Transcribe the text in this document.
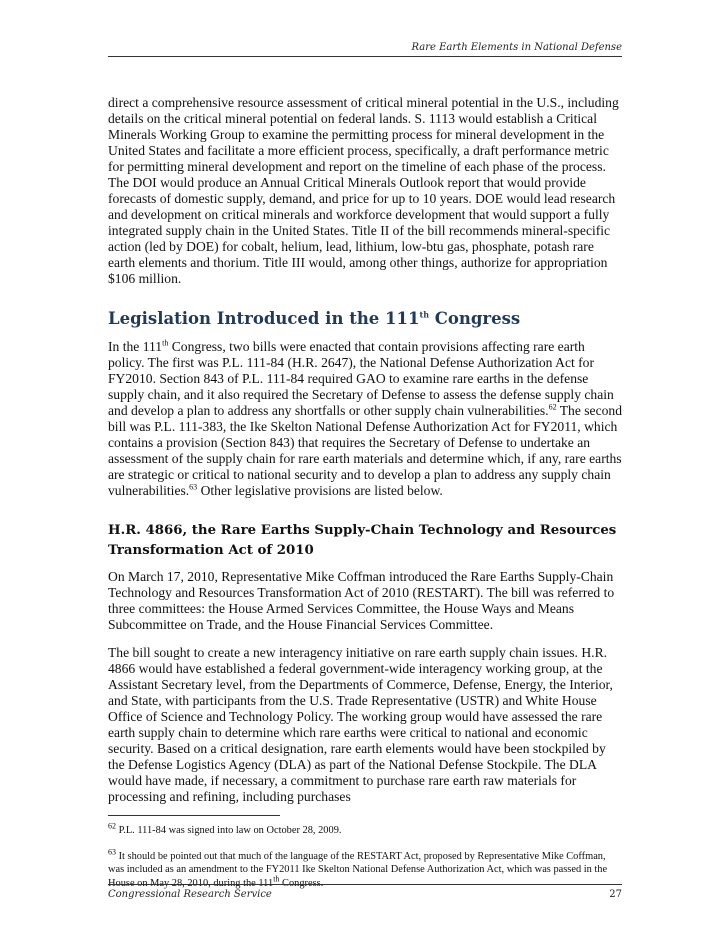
Rare Earth Elements in National Defense

direct a comprehensive resource assessment of critical mineral potential in the U.S., including details on the critical mineral potential on federal lands. S. 1113 would establish a Critical Minerals Working Group to examine the permitting process for mineral development in the United States and facilitate a more efficient process, specifically, a draft performance metric for permitting mineral development and report on the timeline of each phase of the process. The DOI would produce an Annual Critical Minerals Outlook report that would provide forecasts of domestic supply, demand, and price for up to 10 years. DOE would lead research and development on critical minerals and workforce development that would support a fully integrated supply chain in the United States. Title II of the bill recommends mineral-specific action (led by DOE) for cobalt, helium, lead, lithium, low-btu gas, phosphate, potash rare earth elements and thorium. Title III would, among other things, authorize for appropriation $106 million.

Legislation Introduced in the 111th Congress

In the 111th Congress, two bills were enacted that contain provisions affecting rare earth policy. The first was P.L. 111-84 (H.R. 2647), the National Defense Authorization Act for FY2010. Section 843 of P.L. 111-84 required GAO to examine rare earths in the defense supply chain, and it also required the Secretary of Defense to assess the defense supply chain and develop a plan to address any shortfalls or other supply chain vulnerabilities.$^{62}$ The second bill was P.L. 111-383, the Ike Skelton National Defense Authorization Act for FY2011, which contains a provision (Section 843) that requires the Secretary of Defense to undertake an assessment of the supply chain for rare earth materials and determine which, if any, rare earths are strategic or critical to national security and to develop a plan to address any supply chain vulnerabilities.$^{63}$ Other legislative provisions are listed below.

H.R. 4866, the Rare Earths Supply-Chain Technology and Resources Transformation Act of 2010

On March 17, 2010, Representative Mike Coffman introduced the Rare Earths Supply-Chain Technology and Resources Transformation Act of 2010 (RESTART). The bill was referred to three committees: the House Armed Services Committee, the House Ways and Means Subcommittee on Trade, and the House Financial Services Committee.

The bill sought to create a new interagency initiative on rare earth supply chain issues. H.R. 4866 would have established a federal government-wide interagency working group, at the Assistant Secretary level, from the Departments of Commerce, Defense, Energy, the Interior, and State, with participants from the U.S. Trade Representative (USTR) and White House Office of Science and Technology Policy. The working group would have assessed the rare earth supply chain to determine which rare earths were critical to national and economic security. Based on a critical designation, rare earth elements would have been stockpiled by the Defense Logistics Agency (DLA) as part of the National Defense Stockpile. The DLA would have made, if necessary, a commitment to purchase rare earth raw materials for processing and refining, including purchases

$^{62}$ P.L. 111-84 was signed into law on October 28, 2009.

$^{63}$ It should be pointed out that much of the language of the RESTART Act, proposed by Representative Mike Coffman, was included as an amendment to the FY2011 Ike Skelton National Defense Authorization Act, which was passed in the House on May 28, 2010, during the 111th Congress.

Congressional Research Service	27
